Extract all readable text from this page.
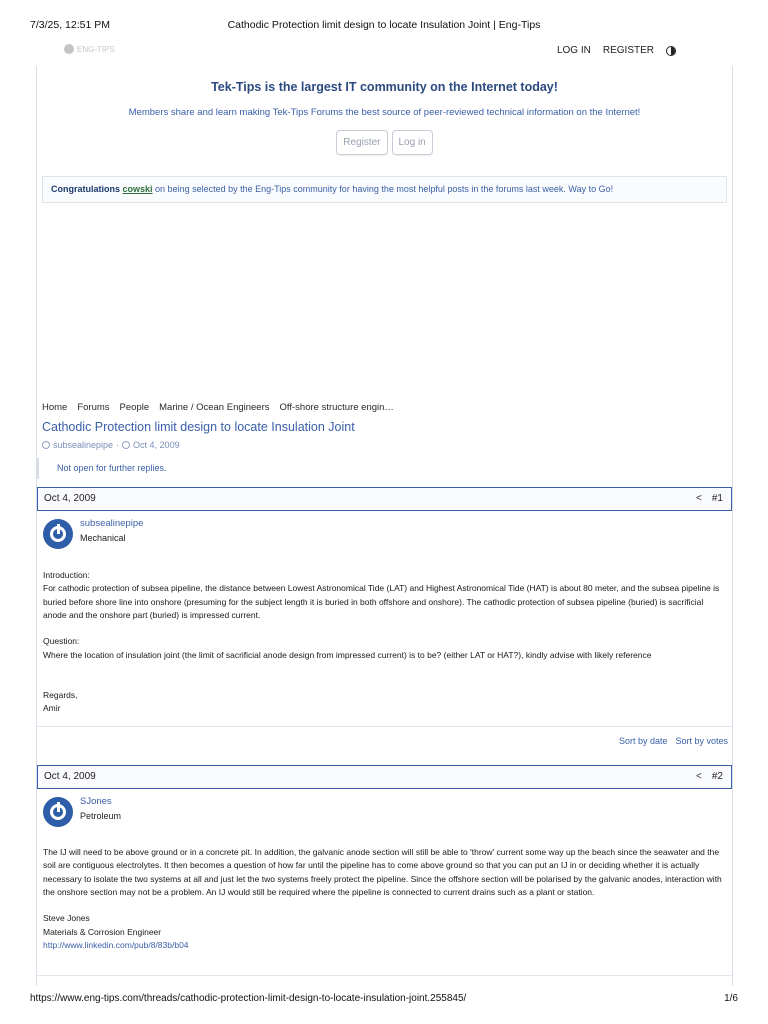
7/3/25, 12:51 PM	Cathodic Protection limit design to locate Insulation Joint | Eng-Tips
ENG-TIPS	LOG IN REGISTER
Tek-Tips is the largest IT community on the Internet today!
Members share and learn making Tek-Tips Forums the best source of peer-reviewed technical information on the Internet!
Register	Log in
Congratulations cowski on being selected by the Eng-Tips community for having the most helpful posts in the forums last week. Way to Go!
Home Forums People Marine / Ocean Engineers Off-shore structure engin…
Cathodic Protection limit design to locate Insulation Joint
subsealinepipe · Oct 4, 2009
Not open for further replies.
Oct 4, 2009	< #1
subsealinepipe
Mechanical

Introduction:

For cathodic protection of subsea pipeline, the distance between Lowest Astronomical Tide (LAT) and Highest Astronomical Tide (HAT) is about 80 meter, and the subsea pipeline is buried before shore line into onshore (presuming for the subject length it is buried in both offshore and onshore). The cathodic protection of subsea pipeline (buried) is sacrificial anode and the onshore part (buried) is impressed current.

Question:

Where the location of insulation joint (the limit of sacrificial anode design from impressed current) is to be? (either LAT or HAT?), kindly advise with likely reference

Regards,

Amir

Sort by date Sort by votes
Oct 4, 2009	< #2
SJones
Petroleum

The IJ will need to be above ground or in a concrete pit. In addition, the galvanic anode section will still be able to 'throw' current some way up the beach since the seawater and the soil are contiguous electrolytes. It then becomes a question of how far until the pipeline has to come above ground so that you can put an IJ in or deciding whether it is actually necessary to isolate the two systems at all and just let the two systems freely protect the pipeline. Since the offshore section will be polarised by the galvanic anodes, interaction with the onshore section may not be a problem. An IJ would still be required where the pipeline is connected to current drains such as a plant or station.

Steve Jones

Materials & Corrosion Engineer

http://www.linkedin.com/pub/8/83b/b04

https://www.eng-tips.com/threads/cathodic-protection-limit-design-to-locate-insulation-joint.255845/	1/6
